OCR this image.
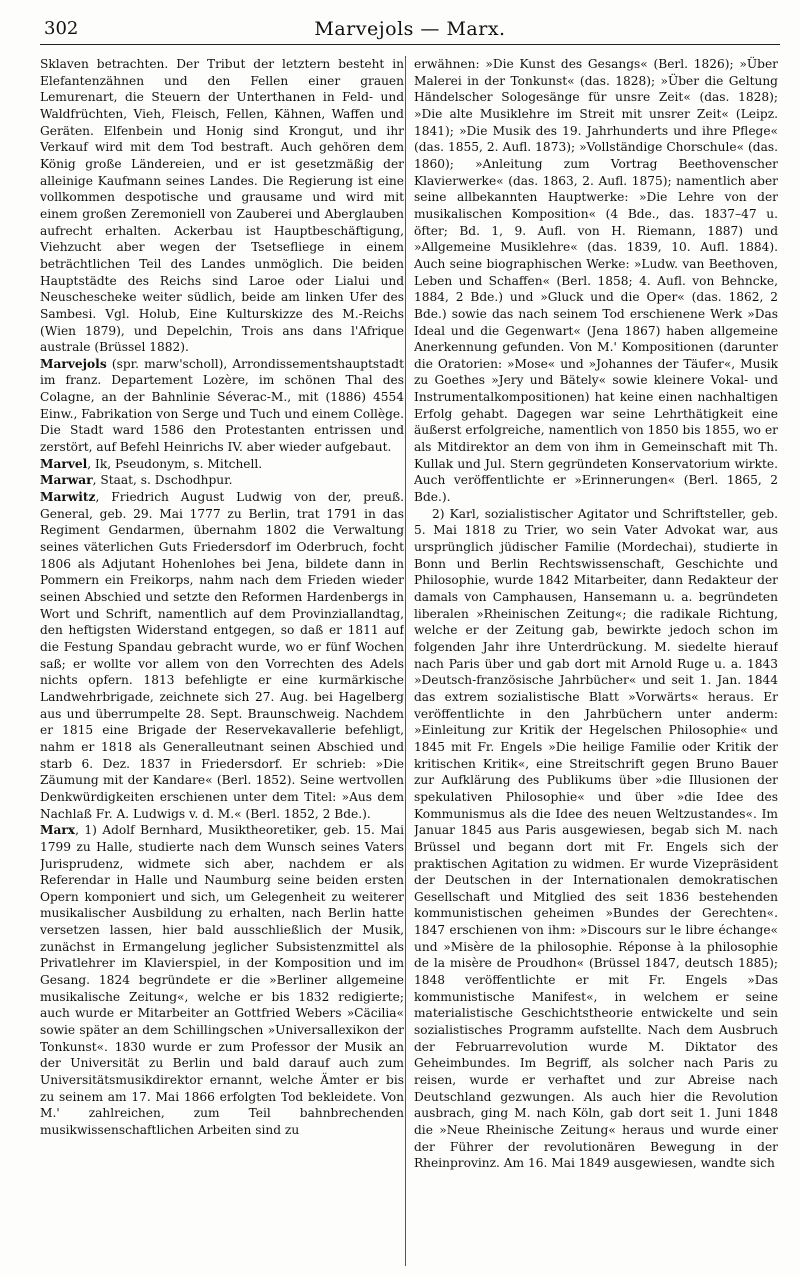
302	Marvejols — Marx.

Sklaven betrachten. Der Tribut der letztern besteht in Elefantenzähnen und den Fellen einer grauen Lemurenart, die Steuern der Unterthanen in Feld- und Waldfrüchten, Vieh, Fleisch, Fellen, Kähnen, Waffen und Geräten. Elfenbein und Honig sind Krongut, und ihr Verkauf wird mit dem Tod bestraft. Auch gehören dem König große Ländereien, und er ist gesetzmäßig der alleinige Kaufmann seines Landes. Die Regierung ist eine vollkommen despotische und grausame und wird mit einem großen Zeremoniell von Zauberei und Aberglauben aufrecht erhalten. Ackerbau ist Hauptbeschäftigung, Viehzucht aber wegen der Tsetsefliege in einem beträchtlichen Teil des Landes unmöglich. Die beiden Hauptstädte des Reichs sind Laroe oder Lialui und Neuschescheke weiter südlich, beide am linken Ufer des Sambesi. Vgl. Holub, Eine Kulturskizze des M.-Reichs (Wien 1879), und Depelchin, Trois ans dans l'Afrique australe (Brüssel 1882).

Marvejols (spr. marw'scholl), Arrondissementshauptstadt im franz. Departement Lozère, im schönen Thal des Colagne, an der Bahnlinie Séverac-M., mit (1886) 4554 Einw., Fabrikation von Serge und Tuch und einem Collège. Die Stadt ward 1586 den Protestanten entrissen und zerstört, auf Befehl Heinrichs IV. aber wieder aufgebaut.

Marvel, Ik, Pseudonym, s. Mitchell.

Marwar, Staat, s. Dschodhpur.

Marwitz, Friedrich August Ludwig von der, preuß. General, geb. 29. Mai 1777 zu Berlin, trat 1791 in das Regiment Gendarmen, übernahm 1802 die Verwaltung seines väterlichen Guts Friedersdorf im Oderbruch, focht 1806 als Adjutant Hohenlohes bei Jena, bildete dann in Pommern ein Freikorps, nahm nach dem Frieden wieder seinen Abschied und setzte den Reformen Hardenbergs in Wort und Schrift, namentlich auf dem Provinziallandtag, den heftigsten Widerstand entgegen, so daß er 1811 auf die Festung Spandau gebracht wurde, wo er fünf Wochen saß; er wollte vor allem von den Vorrechten des Adels nichts opfern. 1813 befehligte er eine kurmärkische Landwehrbrigade, zeichnete sich 27. Aug. bei Hagelberg aus und überrumpelte 28. Sept. Braunschweig. Nachdem er 1815 eine Brigade der Reservekavallerie befehligt, nahm er 1818 als Generalleutnant seinen Abschied und starb 6. Dez. 1837 in Friedersdorf. Er schrieb: »Die Zäumung mit der Kandare« (Berl. 1852). Seine wertvollen Denkwürdigkeiten erschienen unter dem Titel: »Aus dem Nachlaß Fr. A. Ludwigs v. d. M.« (Berl. 1852, 2 Bde.).

Marx, 1) Adolf Bernhard, Musiktheoretiker, geb. 15. Mai 1799 zu Halle, studierte nach dem Wunsch seines Vaters Jurisprudenz, widmete sich aber, nachdem er als Referendar in Halle und Naumburg seine beiden ersten Opern komponiert und sich, um Gelegenheit zu weiterer musikalischer Ausbildung zu erhalten, nach Berlin hatte versetzen lassen, hier bald ausschließlich der Musik, zunächst in Ermangelung jeglicher Subsistenzmittel als Privatlehrer im Klavierspiel, in der Komposition und im Gesang. 1824 begründete er die »Berliner allgemeine musikalische Zeitung«, welche er bis 1832 redigierte; auch wurde er Mitarbeiter an Gottfried Webers »Cäcilia« sowie später an dem Schillingschen »Universallexikon der Tonkunst«. 1830 wurde er zum Professor der Musik an der Universität zu Berlin und bald darauf auch zum Universitätsmusikdirektor ernannt, welche Ämter er bis zu seinem am 17. Mai 1866 erfolgten Tod bekleidete. Von M.' zahlreichen, zum Teil bahnbrechenden musikwissenschaftlichen Arbeiten sind zu

erwähnen: »Die Kunst des Gesangs« (Berl. 1826); »Über Malerei in der Tonkunst« (das. 1828); »Über die Geltung Händelscher Sologesänge für unsre Zeit« (das. 1828); »Die alte Musiklehre im Streit mit unsrer Zeit« (Leipz. 1841); »Die Musik des 19. Jahrhunderts und ihre Pflege« (das. 1855, 2. Aufl. 1873); »Vollständige Chorschule« (das. 1860); »Anleitung zum Vortrag Beethovenscher Klavierwerke« (das. 1863, 2. Aufl. 1875); namentlich aber seine allbekannten Hauptwerke: »Die Lehre von der musikalischen Komposition« (4 Bde., das. 1837–47 u. öfter; Bd. 1, 9. Aufl. von H. Riemann, 1887) und »Allgemeine Musiklehre« (das. 1839, 10. Aufl. 1884). Auch seine biographischen Werke: »Ludw. van Beethoven, Leben und Schaffen« (Berl. 1858; 4. Aufl. von Behncke, 1884, 2 Bde.) und »Gluck und die Oper« (das. 1862, 2 Bde.) sowie das nach seinem Tod erschienene Werk »Das Ideal und die Gegenwart« (Jena 1867) haben allgemeine Anerkennung gefunden. Von M.' Kompositionen (darunter die Oratorien: »Mose« und »Johannes der Täufer«, Musik zu Goethes »Jery und Bätely« sowie kleinere Vokal- und Instrumentalkompositionen) hat keine einen nachhaltigen Erfolg gehabt. Dagegen war seine Lehrthätigkeit eine äußerst erfolgreiche, namentlich von 1850 bis 1855, wo er als Mitdirektor an dem von ihm in Gemeinschaft mit Th. Kullak und Jul. Stern gegründeten Konservatorium wirkte. Auch veröffentlichte er »Erinnerungen« (Berl. 1865, 2 Bde.).

2) Karl, sozialistischer Agitator und Schriftsteller, geb. 5. Mai 1818 zu Trier, wo sein Vater Advokat war, aus ursprünglich jüdischer Familie (Mordechai), studierte in Bonn und Berlin Rechtswissenschaft, Geschichte und Philosophie, wurde 1842 Mitarbeiter, dann Redakteur der damals von Camphausen, Hansemann u. a. begründeten liberalen »Rheinischen Zeitung«; die radikale Richtung, welche er der Zeitung gab, bewirkte jedoch schon im folgenden Jahr ihre Unterdrückung. M. siedelte hierauf nach Paris über und gab dort mit Arnold Ruge u. a. 1843 »Deutsch-französische Jahrbücher« und seit 1. Jan. 1844 das extrem sozialistische Blatt »Vorwärts« heraus. Er veröffentlichte in den Jahrbüchern unter anderm: »Einleitung zur Kritik der Hegelschen Philosophie« und 1845 mit Fr. Engels »Die heilige Familie oder Kritik der kritischen Kritik«, eine Streitschrift gegen Bruno Bauer zur Aufklärung des Publikums über »die Illusionen der spekulativen Philosophie« und über »die Idee des Kommunismus als die Idee des neuen Weltzustandes«. Im Januar 1845 aus Paris ausgewiesen, begab sich M. nach Brüssel und begann dort mit Fr. Engels sich der praktischen Agitation zu widmen. Er wurde Vizepräsident der Deutschen in der Internationalen demokratischen Gesellschaft und Mitglied des seit 1836 bestehenden kommunistischen geheimen »Bundes der Gerechten«. 1847 erschienen von ihm: »Discours sur le libre échange« und »Misère de la philosophie. Réponse à la philosophie de la misère de Proudhon« (Brüssel 1847, deutsch 1885); 1848 veröffentlichte er mit Fr. Engels »Das kommunistische Manifest«, in welchem er seine materialistische Geschichtstheorie entwickelte und sein sozialistisches Programm aufstellte. Nach dem Ausbruch der Februarrevolution wurde M. Diktator des Geheimbundes. Im Begriff, als solcher nach Paris zu reisen, wurde er verhaftet und zur Abreise nach Deutschland gezwungen. Als auch hier die Revolution ausbrach, ging M. nach Köln, gab dort seit 1. Juni 1848 die »Neue Rheinische Zeitung« heraus und wurde einer der Führer der revolutionären Bewegung in der Rheinprovinz. Am 16. Mai 1849 ausgewiesen, wandte sich
